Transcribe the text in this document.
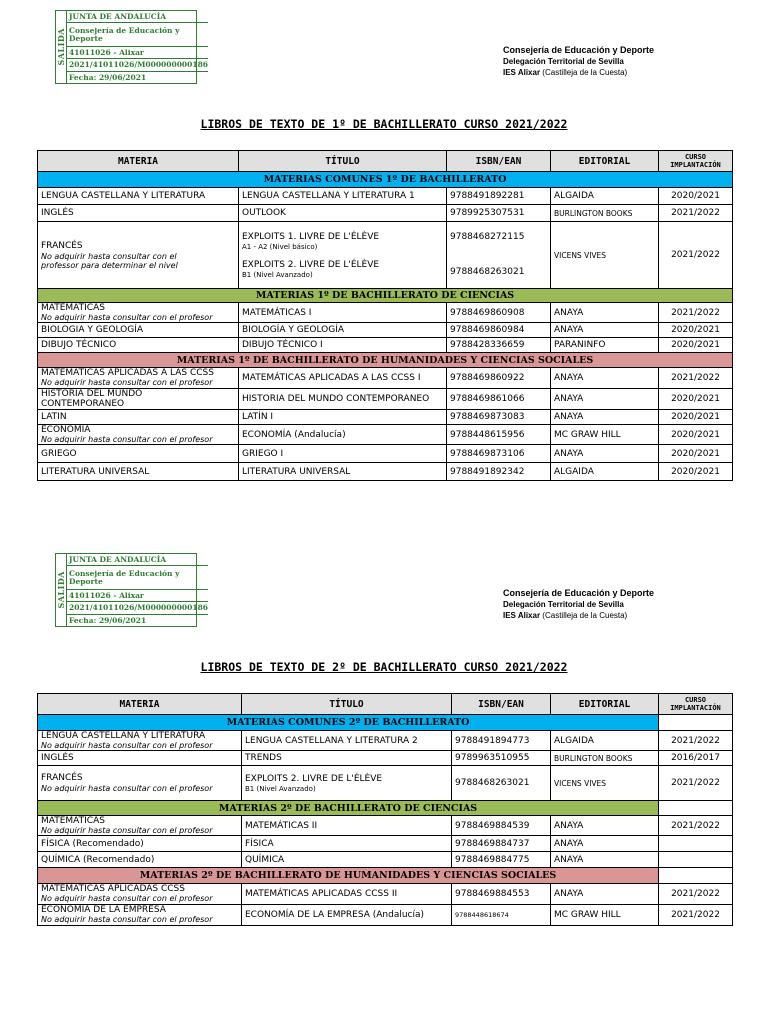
SALIDA
JUNTA DE ANDALUCÍA
Consejería de Educación y Deporte
41011026 - Alixar
2021/41011026/M000000000186
Fecha: 29/06/2021
Consejería de Educación y Deporte
Delegación Territorial de Sevilla
IES Alixar (Castilleja de la Cuesta)
LIBROS DE TEXTO DE 1º DE BACHILLERATO CURSO 2021/2022
MATERIA	TÍTULO	ISBN/EAN	EDITORIAL	CURSO
IMPLANTACIÓN

MATERIAS COMUNES 1º DE BACHILLERATO				
LENGUA CASTELLANA Y LITERATURA	LENGUA CASTELLANA Y LITERATURA 1	9788491892281	ALGAIDA	2020/2021
INGLÉS	OUTLOOK	9789925307531	BURLINGTON BOOKS	2021/2022

FRANCÉS
No adquirir hasta consultar con el
professor para determinar el nivel	EXPLOITS 1. LIVRE DE L'ÉLÈVE
A1 - A2 (Nivel básico)
EXPLOITS 2. LIVRE DE L'ÉLÈVE
B1 (Nivel Avanzado)	9788468272115
9788468263021	VICENS VIVES	2021/2022
MATERIAS 1º DE BACHILLERATO DE CIENCIAS				

MATEMATICAS
No adquirir hasta consultar con el profesor	MATEMÁTICAS I	9788469860908	ANAYA	2021/2022
BIOLOGIA Y GEOLOGÍA	BIOLOGÍA Y GEOLOGÍA	9788469860984	ANAYA	2020/2021
DIBUJO TÉCNICO	DIBUJO TÉCNICO I	9788428336659	PARANINFO	2020/2021
MATERIAS 1º DE BACHILLERATO DE HUMANIDADES Y CIENCIAS SOCIALES				

MATEMATICAS APLICADAS A LAS CCSS
No adquirir hasta consultar con el profesor	MATEMÁTICAS APLICADAS A LAS CCSS I	9788469860922	ANAYA	2021/2022

HISTORIA DEL MUNDO
CONTEMPORANEO	HISTORIA DEL MUNDO CONTEMPORANEO	9788469861066	ANAYA	2020/2021
LATIN	LATÍN I	9788469873083	ANAYA	2020/2021

ECONOMIA
No adquirir hasta consultar con el profesor	ECONOMÍA (Andalucía)	9788448615956	MC GRAW HILL	2020/2021
GRIEGO	GRIEGO I	9788469873106	ANAYA	2020/2021
LITERATURA UNIVERSAL	LITERATURA UNIVERSAL	9788491892342	ALGAIDA	2020/2021
SALIDA
JUNTA DE ANDALUCÍA
Consejería de Educación y Deporte
41011026 - Alixar
2021/41011026/M000000000186
Fecha: 29/06/2021
Consejería de Educación y Deporte
Delegación Territorial de Sevilla
IES Alixar (Castilleja de la Cuesta)
LIBROS DE TEXTO DE 2º DE BACHILLERATO CURSO 2021/2022
MATERIA	TÍTULO	ISBN/EAN	EDITORIAL	CURSO
IMPLANTACIÓN

MATERIAS COMUNES 2º DE BACHILLERATO				

LENGUA CASTELLANA Y LITERATURA
No adquirir hasta consultar con el profesor	LENGUA CASTELLANA Y LITERATURA 2	9788491894773	ALGAIDA	2021/2022
INGLÉS	TRENDS	9789963510955	BURLINGTON BOOKS	2016/2017

FRANCÉS
No adquirir hasta consultar con el profesor	EXPLOITS 2. LIVRE DE L'ÉLÈVE
B1 (Nivel Avanzado)	9788468263021	VICENS VIVES	2021/2022
MATERIAS 2º DE BACHILLERATO DE CIENCIAS				

MATEMATICAS
No adquirir hasta consultar con el profesor	MATEMÁTICAS II	9788469884539	ANAYA	2021/2022
FÍSICA (Recomendado)	FÍSICA	9788469884737	ANAYA	
QUÍMICA (Recomendado)	QUÍMICA	9788469884775	ANAYA	
MATERIAS 2º DE BACHILLERATO DE HUMANIDADES Y CIENCIAS SOCIALES				

MATEMATICAS APLICADAS CCSS
No adquirir hasta consultar con el profesor	MATEMÁTICAS APLICADAS CCSS II	9788469884553	ANAYA	2021/2022

ECONOMIA DE LA EMPRESA
No adquirir hasta consultar con el profesor	ECONOMÍA DE LA EMPRESA (Andalucía)	9788448618674	MC GRAW HILL	2021/2022
